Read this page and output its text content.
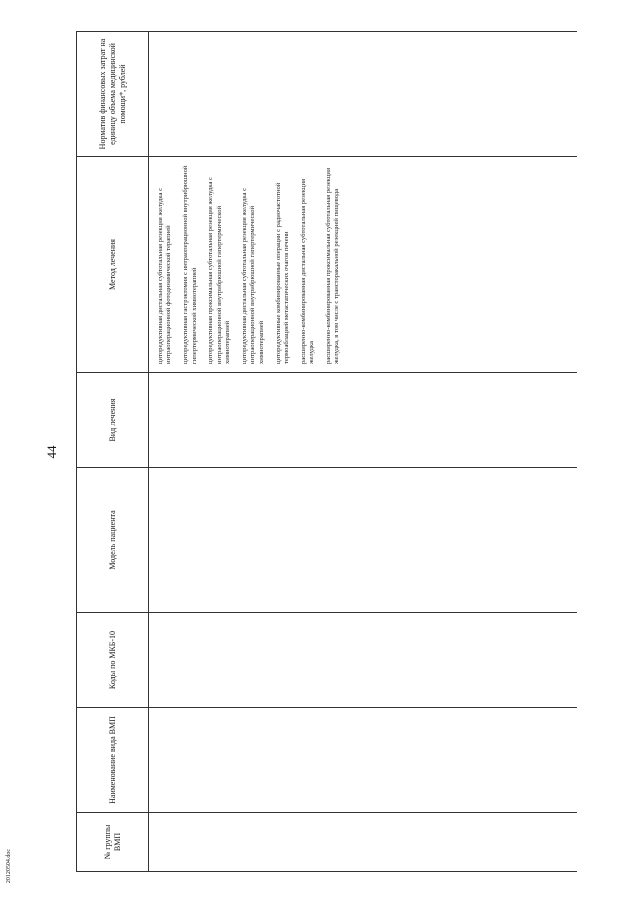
44
№ группы ВМП
Наименование вида ВМП
Коды по МКБ-10
Модель пациента
Вид лечения
Метод лечения
Норматив финансовых затрат на единицу объема медицинской помощи*, рублей
циторедуктивная дистальная субтотальная резекция желудка с интраоперационной фотодинамической терапией циторедуктивная гастрэктомия с интраоперационной внутрибрюшной гипертермической химиотерапией циторедуктивная проксимальная субтотальная резекция желудка с интраоперационной внутрибрюшной гипертермической химиотерапией циторедуктивная дистальная субтотальная резекция желудка с интраоперационной внутрибрюшной гипертермической химиотерапией циторедуктивные комбинированные операции с радиочастотной термоаблацией метастатических очагов печени расширенно-комбинированная дистальная субтотальная резекция желудка расширенно-комбинированная проксимальная субтотальная резекция желудка, в том числе с трансторакальной резекцией пищевода
20120504.doc
